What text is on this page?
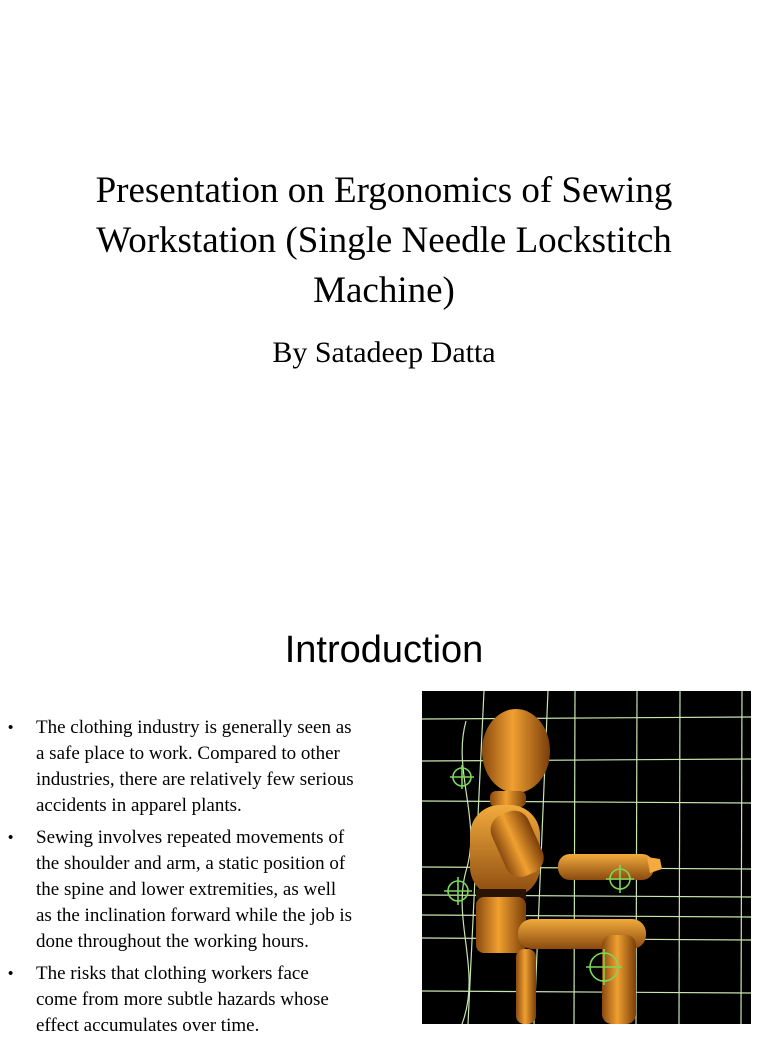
Presentation on Ergonomics of Sewing
Workstation (Single Needle Lockstitch
Machine)
By Satadeep Datta
Introduction
• The clothing industry is generally seen as
a safe place to work. Compared to other
industries, there are relatively few serious
accidents in apparel plants.
• Sewing involves repeated movements of
the shoulder and arm, a static position of
the spine and lower extremities, as well
as the inclination forward while the job is
done throughout the working hours.
• The risks that clothing workers face
come from more subtle hazards whose
effect accumulates over time.
